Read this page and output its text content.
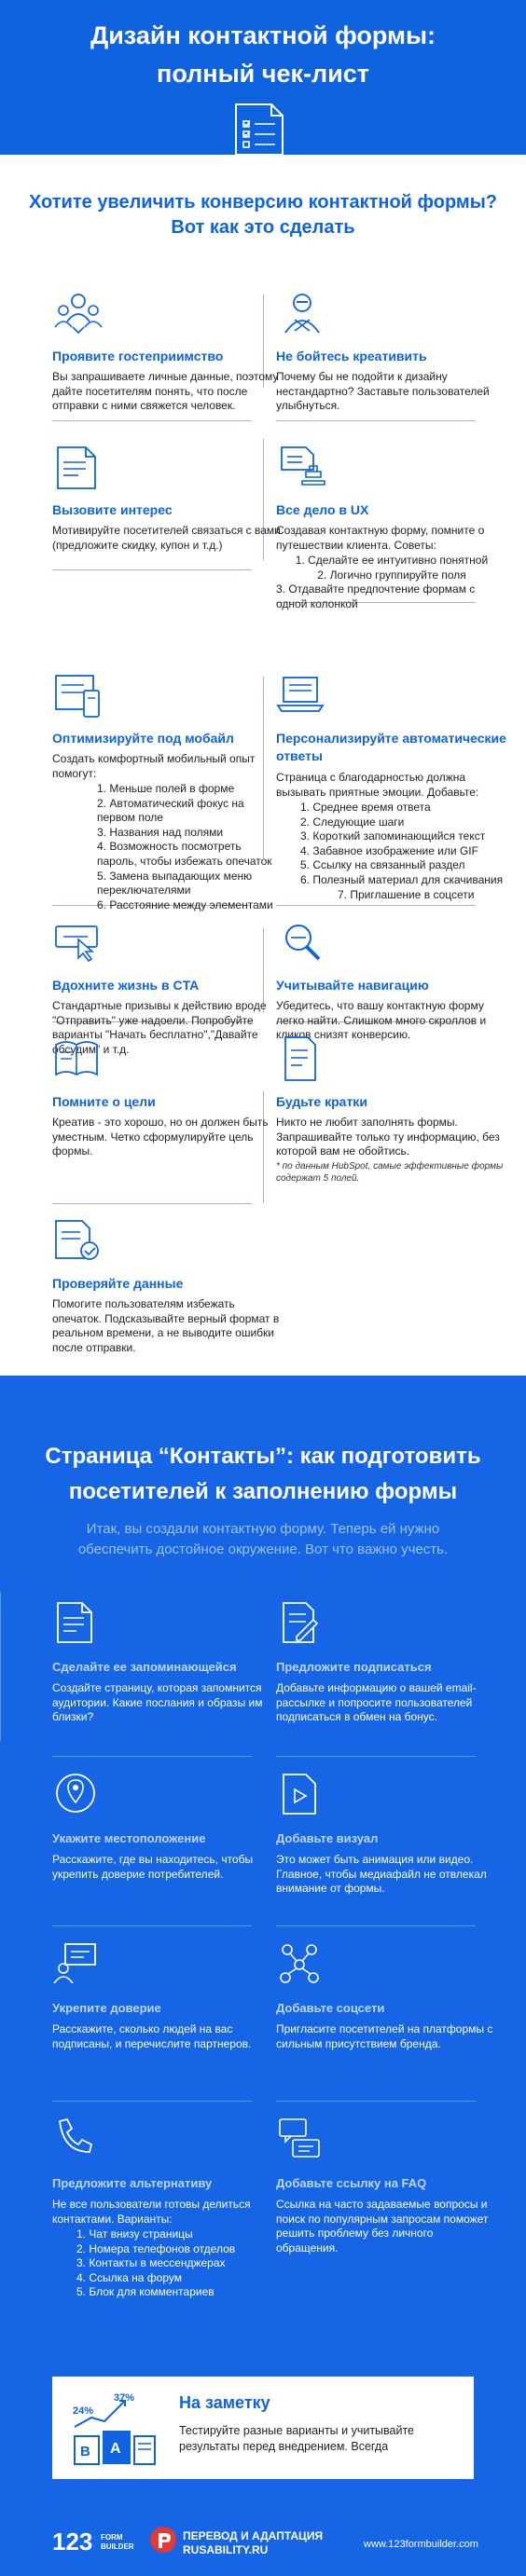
Дизайн контактной формы:
полный чек-лист
Хотите увеличить конверсию контактной формы?
Вот как это сделать
Проявите гостеприимство

Вы запрашиваете личные данные, поэтому дайте посетителям понять, что после отправки с ними свяжется человек.

Не бойтесь креативить

Почему бы не подойти к дизайну нестандартно? Заставьте пользователей улыбнуться.

Вызовите интерес

Мотивируйте посетителей связаться с вами (предложите скидку, купон и т.д.)

Все дело в UX

Создавая контактную форму, помните о путешествии клиента. Советы:

1. Сделайте ее интуитивно понятной
2. Логично группируйте поля
3. Отдавайте предпочтение формам с одной колонкой
Оптимизируйте под мобайл

Создать комфортный мобильный опыт помогут:

1. Меньше полей в форме
2. Автоматический фокус на первом поле
3. Названия над полями
4. Возможность посмотреть пароль, чтобы избежать опечаток
5. Замена выпадающих меню переключателями
6. Расстояние между элементами
Персонализируйте автоматические ответы

Страница с благодарностью должна вызывать приятные эмоции. Добавьте:

1. Среднее время ответа
2. Следующие шаги
3. Короткий запоминающийся текст
4. Забавное изображение или GIF
5. Ссылку на связанный раздел
6. Полезный материал для скачивания
7. Приглашение в соцсети
Вдохните жизнь в CTA

Стандартные призывы к действию вроде "Отправить" уже надоели. Попробуйте варианты "Начать бесплатно","Давайте обсудим" и т.д.

Учитывайте навигацию

Убедитесь, что вашу контактную форму легко найти. Слишком много скроллов и кликов снизят конверсию.

Помните о цели

Креатив - это хорошо, но он должен быть уместным. Четко сформулируйте цель формы.

Будьте кратки

Никто не любит заполнять формы. Запрашивайте только ту информацию, без которой вам не обойтись.

* по данным HubSpot, самые эффективные формы содержат 5 полей.
Проверяйте данные

Помогите пользователям избежать опечаток. Подсказывайте верный формат в реальном времени, а не выводите ошибки после отправки.

Страница “Контакты”: как подготовить
посетителей к заполнению формы
Итак, вы создали контактную форму. Теперь ей нужно
обеспечить достойное окружение. Вот что важно учесть.
Сделайте ее запоминающейся

Создайте страницу, которая запомнится аудитории. Какие послания и образы им близки?

Предложите подписаться

Добавьте информацию о вашей email-рассылке и попросите пользователей подписаться в обмен на бонус.

Укажите местоположение

Расскажите, где вы находитесь, чтобы укрепить доверие потребителей.

Добавьте визуал

Это может быть анимация или видео. Главное, чтобы медиафайл не отвлекал внимание от формы.

Укрепите доверие

Расскажите, сколько людей на вас подписаны, и перечислите партнеров.

Добавьте соцсети

Пригласите посетителей на платформы с сильным присутствием бренда.

Предложите альтернативу

Не все пользователи готовы делиться контактами. Варианты:

1. Чат внизу страницы
2. Номера телефонов отделов
3. Контакты в мессенджерах
4. Ссылка на форум
5. Блок для комментариев
Добавьте ссылку на FAQ

Ссылка на часто задаваемые вопросы и поиск по популярным запросам поможет решить проблему без личного обращения.

24%
37%
B A
На заметку

Тестируйте разные варианты и учитывайте результаты перед внедрением. Всегда

123 FORM
BUILDER
ПЕРЕВОД И АДАПТАЦИЯ
RUSABILITY.RU	www.123formbuilder.com
